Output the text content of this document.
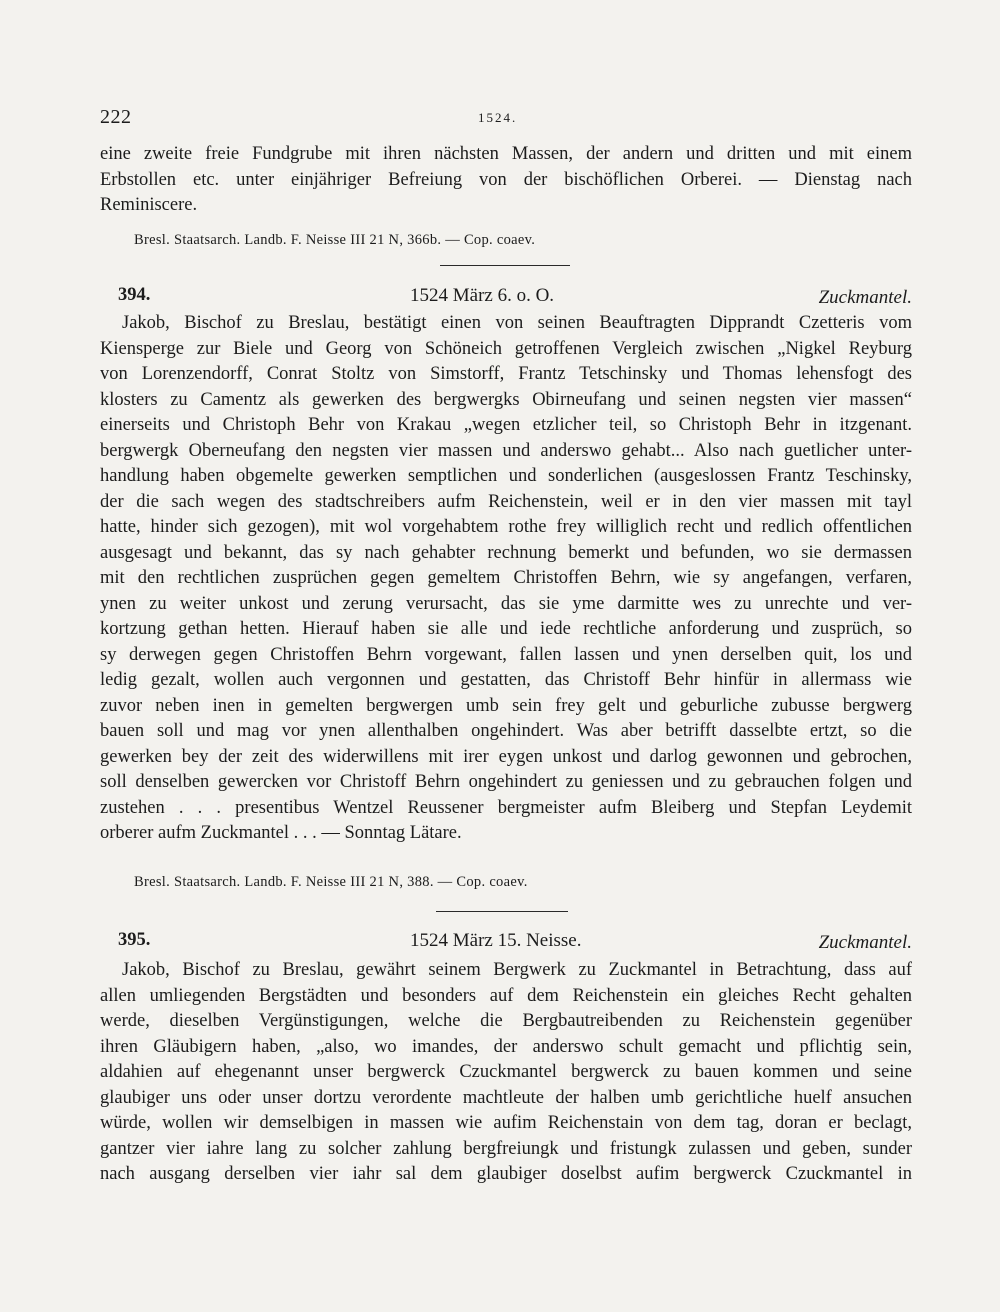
222	1524.
eine zweite freie Fundgrube mit ihren nächsten Massen, der andern und dritten und mit einem
Erbstollen etc. unter einjähriger Befreiung von der bischöflichen Orberei. — Dienstag nach
Reminiscere.
Bresl. Staatsarch. Landb. F. Neisse III 21 N, 366b. — Cop. coaev.
394.	1524 März 6. o. O.	Zuckmantel.
Jakob, Bischof zu Breslau, bestätigt einen von seinen Beauftragten Dipprandt Czetteris vom
Kiensperge zur Biele und Georg von Schöneich getroffenen Vergleich zwischen „Nigkel Reyburg
von Lorenzendorff, Conrat Stoltz von Simstorff, Frantz Tetschinsky und Thomas lehensfogt des
klosters zu Camentz als gewerken des bergwergks Obirneufang und seinen negsten vier massen“
einerseits und Christoph Behr von Krakau „wegen etzlicher teil, so Christoph Behr in itzgenant.
bergwergk Oberneufang den negsten vier massen und anderswo gehabt... Also nach guetlicher unter-
handlung haben obgemelte gewerken semptlichen und sonderlichen (ausgeslossen Frantz Teschinsky,
der die sach wegen des stadtschreibers aufm Reichenstein, weil er in den vier massen mit tayl
hatte, hinder sich gezogen), mit wol vorgehabtem rothe frey williglich recht und redlich offentlichen
ausgesagt und bekannt, das sy nach gehabter rechnung bemerkt und befunden, wo sie dermassen
mit den rechtlichen zusprüchen gegen gemeltem Christoffen Behrn, wie sy angefangen, verfaren,
ynen zu weiter unkost und zerung verursacht, das sie yme darmitte wes zu unrechte und ver-
kortzung gethan hetten. Hierauf haben sie alle und iede rechtliche anforderung und zusprüch, so
sy derwegen gegen Christoffen Behrn vorgewant, fallen lassen und ynen derselben quit, los und
ledig gezalt, wollen auch vergonnen und gestatten, das Christoff Behr hinfür in allermass wie
zuvor neben inen in gemelten bergwergen umb sein frey gelt und geburliche zubusse bergwerg
bauen soll und mag vor ynen allenthalben ongehindert. Was aber betrifft dasselbte ertzt, so die
gewerken bey der zeit des widerwillens mit irer eygen unkost und darlog gewonnen und gebrochen,
soll denselben gewercken vor Christoff Behrn ongehindert zu geniessen und zu gebrauchen folgen und
zustehen . . . presentibus Wentzel Reussener bergmeister aufm Bleiberg und Stepfan Leydemit
orberer aufm Zuckmantel . . . — Sonntag Lätare.
Bresl. Staatsarch. Landb. F. Neisse III 21 N, 388. — Cop. coaev.
395.	1524 März 15. Neisse.	Zuckmantel.
Jakob, Bischof zu Breslau, gewährt seinem Bergwerk zu Zuckmantel in Betrachtung, dass auf
allen umliegenden Bergstädten und besonders auf dem Reichenstein ein gleiches Recht gehalten
werde, dieselben Vergünstigungen, welche die Bergbautreibenden zu Reichenstein gegenüber
ihren Gläubigern haben, „also, wo imandes, der anderswo schult gemacht und pflichtig sein,
aldahien auf ehegenannt unser bergwerck Czuckmantel bergwerck zu bauen kommen und seine
glaubiger uns oder unser dortzu verordente machtleute der halben umb gerichtliche huelf ansuchen
würde, wollen wir demselbigen in massen wie aufim Reichenstain von dem tag, doran er beclagt,
gantzer vier iahre lang zu solcher zahlung bergfreiungk und fristungk zulassen und geben, sunder
nach ausgang derselben vier iahr sal dem glaubiger doselbst aufim bergwerck Czuckmantel in
